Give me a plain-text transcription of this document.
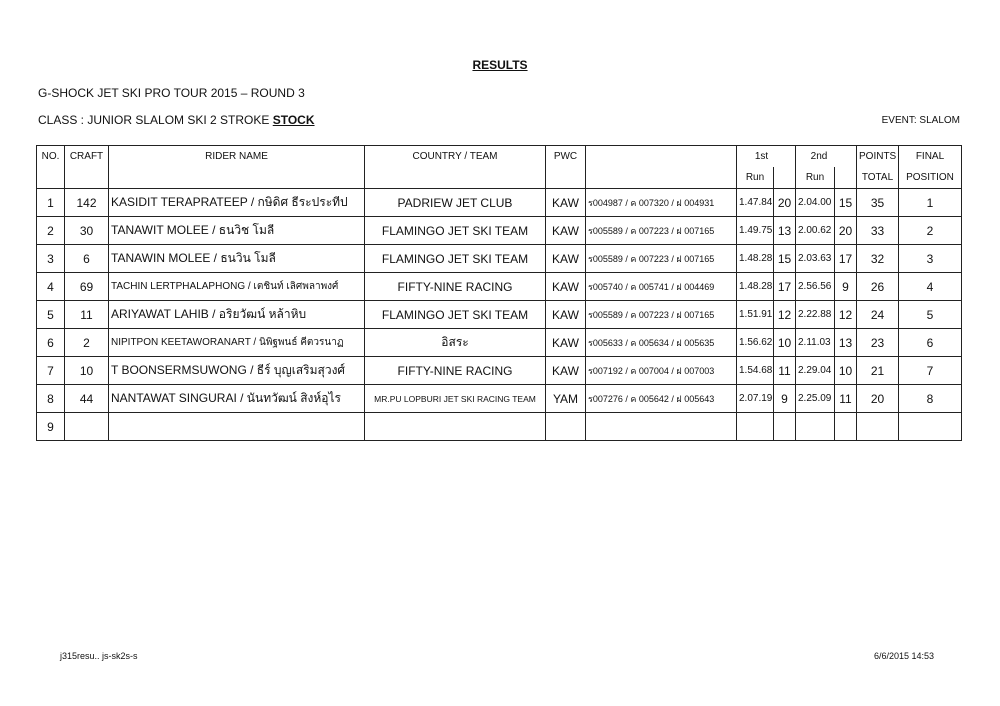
RESULTS
G-SHOCK JET SKI PRO TOUR 2015 – ROUND 3
CLASS : JUNIOR SLALOM SKI 2 STROKE STOCK	EVENT: SLALOM
NO.	CRAFT	RIDER NAME	COUNTRY / TEAM	PWC		1st		2nd		POINTS	FINAL
						Run		Run		TOTAL	POSITION
1	142	KASIDIT TERAPRATEEP / กษิดิศ ธีระประทีป	PADRIEW JET CLUB	KAW	ร004987 / ค 007320 / ฝ 004931	1.47.84	20	2.04.00	15	35	1
2	30	TANAWIT MOLEE / ธนวิช โมลี	FLAMINGO JET SKI TEAM	KAW	ร005589 / ค 007223 / ฝ 007165	1.49.75	13	2.00.62	20	33	2
3	6	TANAWIN MOLEE / ธนวิน โมลี	FLAMINGO JET SKI TEAM	KAW	ร005589 / ค 007223 / ฝ 007165	1.48.28	15	2.03.63	17	32	3
4	69	TACHIN LERTPHALAPHONG / เตชินท์ เลิศพลาพงศ์	FIFTY-NINE RACING	KAW	ร005740 / ค 005741 / ฝ 004469	1.48.28	17	2.56.56	9	26	4
5	11	ARIYAWAT LAHIB / อริยวัฒน์ หล้าหิบ	FLAMINGO JET SKI TEAM	KAW	ร005589 / ค 007223 / ฝ 007165	1.51.91	12	2.22.88	12	24	5
6	2	NIPITPON KEETAWORANART / นิพิฐพนธ์ คีตวรนาฏ	อิสระ	KAW	ร005633 / ค 005634 / ฝ 005635	1.56.62	10	2.11.03	13	23	6
7	10	T BOONSERMSUWONG / ธีร์ บุญเสริมสุวงศ์	FIFTY-NINE RACING	KAW	ร007192 / ค 007004 / ฝ 007003	1.54.68	11	2.29.04	10	21	7
8	44	NANTAWAT SINGURAI / นันทวัฒน์ สิงห์อุไร	MR.PU LOPBURI JET SKI RACING TEAM	YAM	ร007276 / ค 005642 / ฝ 005643	2.07.19	9	2.25.09	11	20	8
9											
j315resu.. js-sk2s-s	6/6/2015 14:53
